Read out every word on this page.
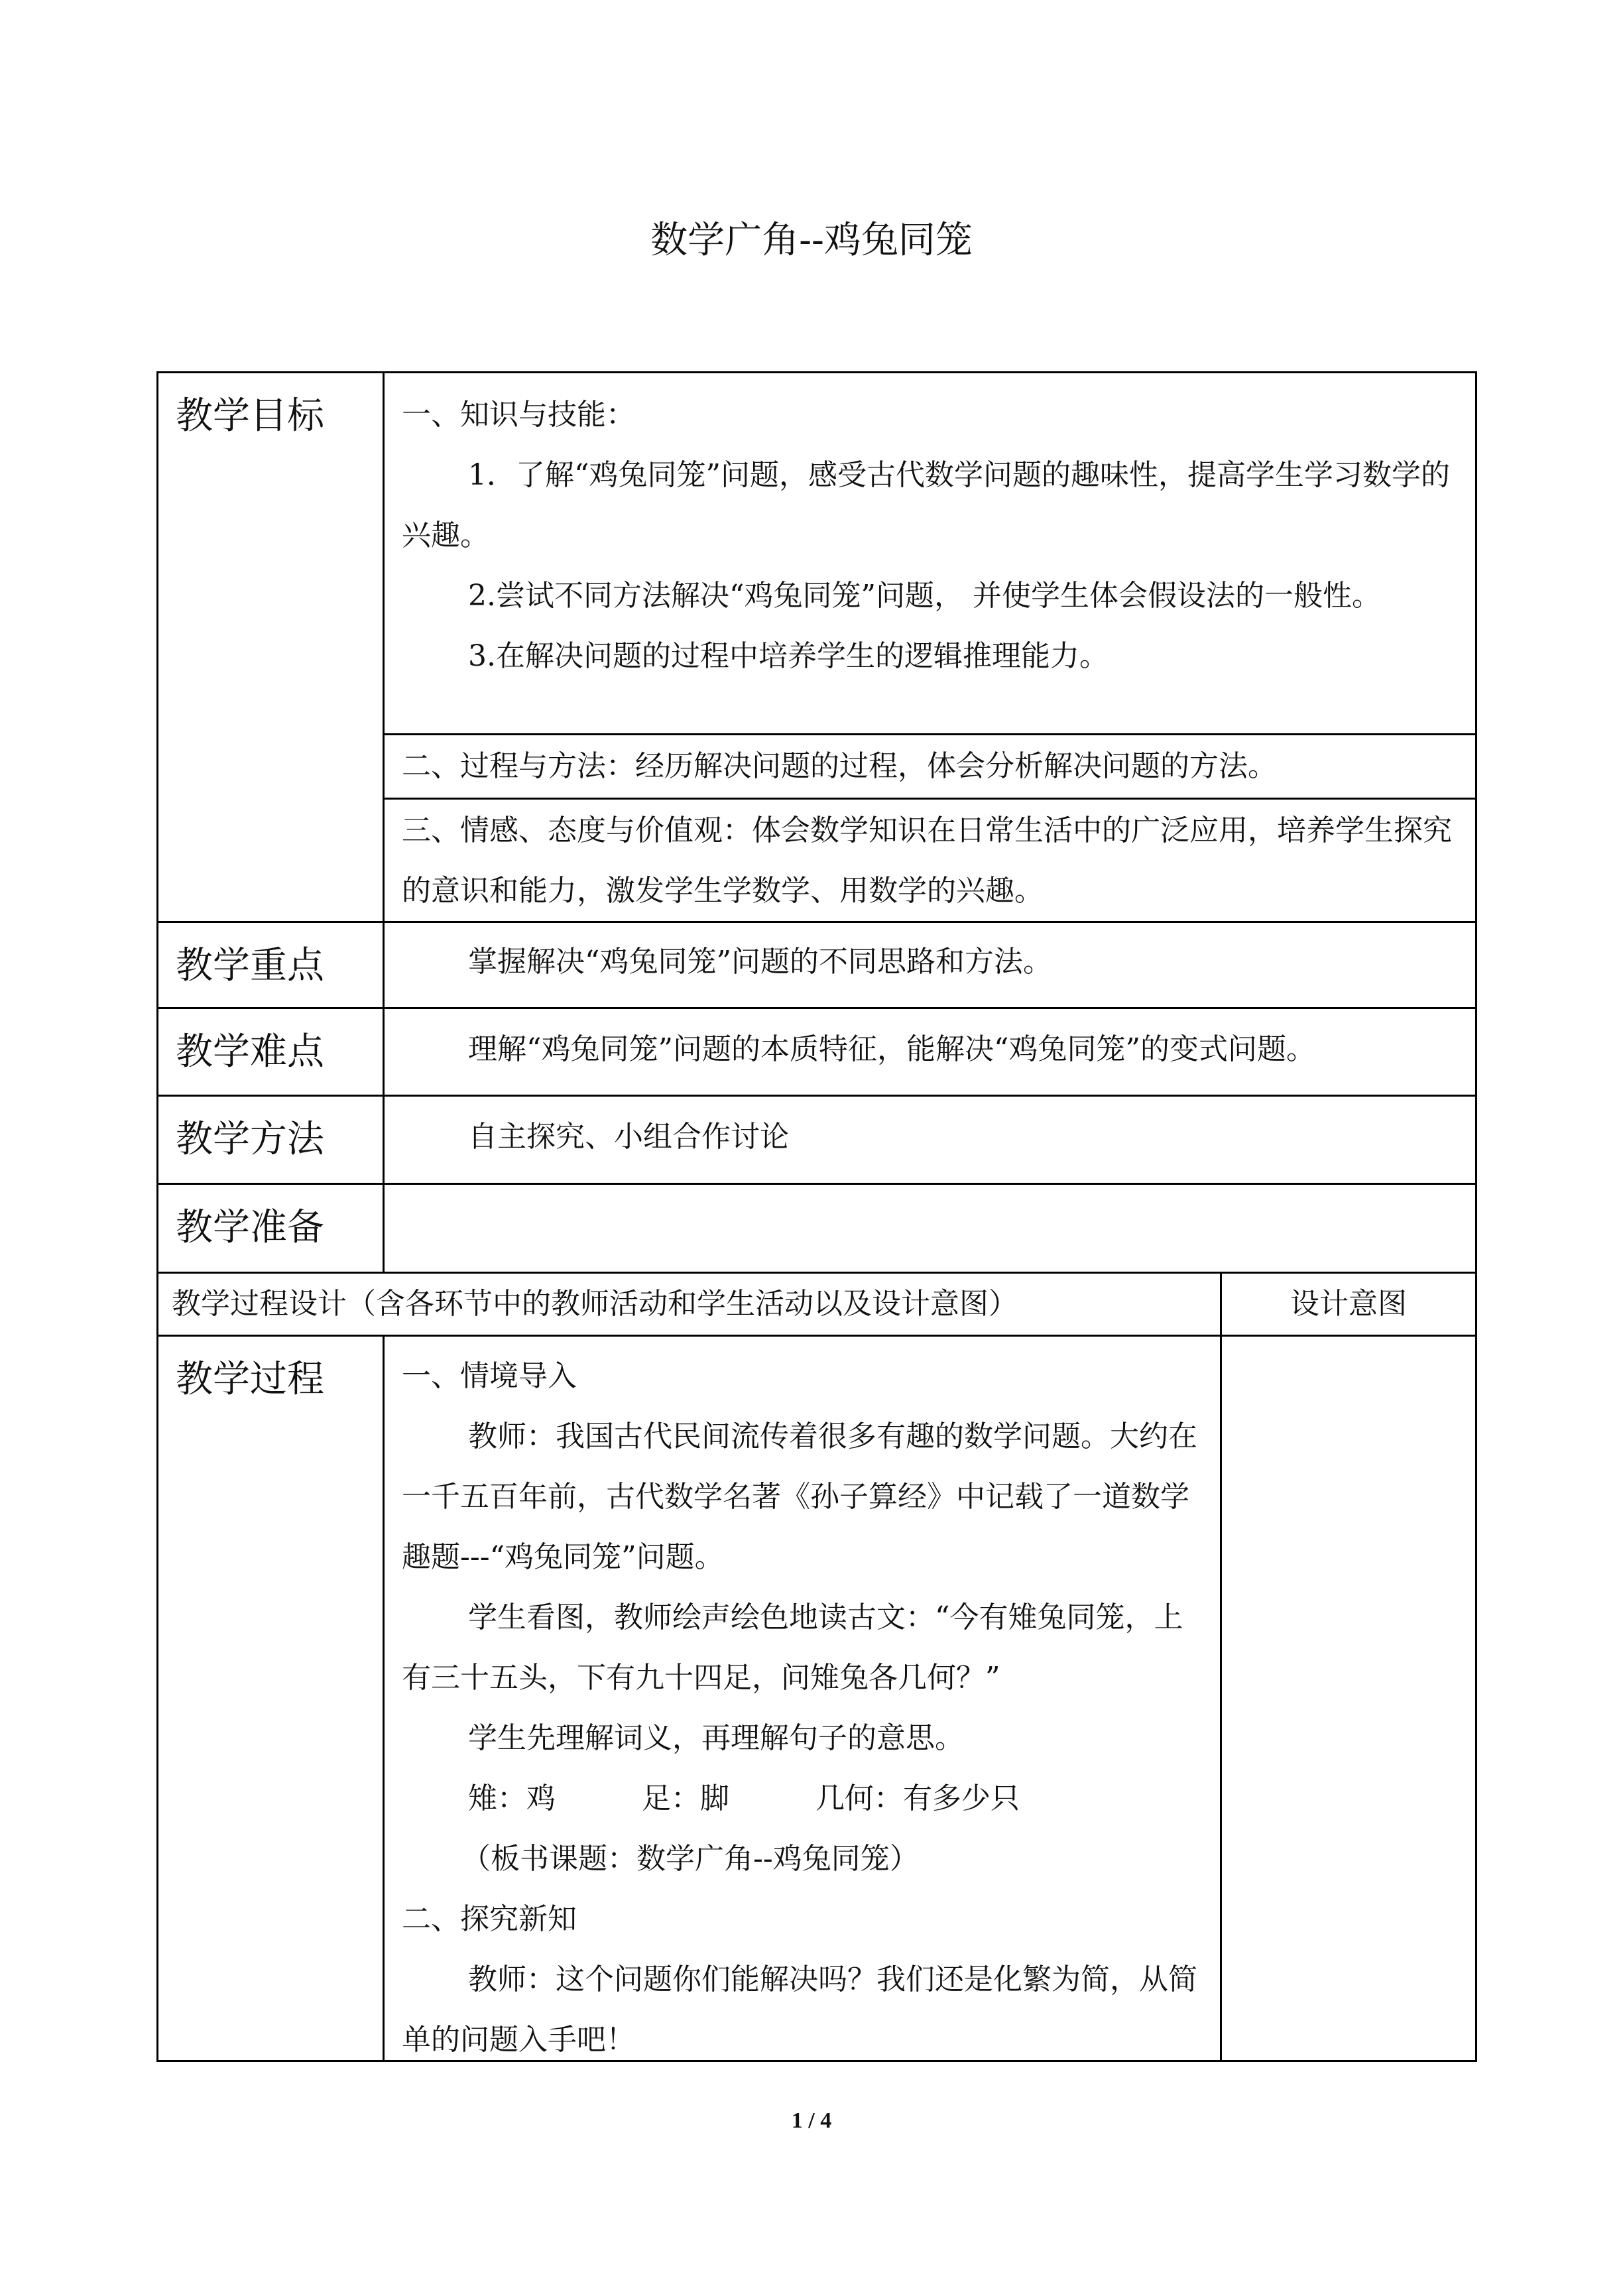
数学广角--鸡兔同笼
教学目标	一、知识与技能：

1．了解“鸡兔同笼”问题，感受古代数学问题的趣味性，提高学生学习数学的兴趣。

2.尝试不同方法解决“鸡兔同笼”问题， 并使学生体会假设法的一般性。

3.在解决问题的过程中培养学生的逻辑推理能力。

二、过程与方法：经历解决问题的过程，体会分析解决问题的方法。

三、情感、态度与价值观：体会数学知识在日常生活中的广泛应用，培养学生探究的意识和能力，激发学生学数学、用数学的兴趣。

教学重点	掌握解决“鸡兔同笼”问题的不同思路和方法。
教学难点	理解“鸡兔同笼”问题的本质特征，能解决“鸡兔同笼”的变式问题。
教学方法	自主探究、小组合作讨论
教学准备
教学过程设计（含各环节中的教师活动和学生活动以及设计意图）	设计意图
教学过程	一、情境导入

教师：我国古代民间流传着很多有趣的数学问题。大约在一千五百年前，古代数学名著《孙子算经》中记载了一道数学趣题---“鸡兔同笼”问题。

学生看图，教师绘声绘色地读古文：“今有雉兔同笼，上有三十五头，下有九十四足，问雉兔各几何？”

学生先理解词义，再理解句子的意思。

雉：鸡	足：脚	几何：有多少只

（板书课题：数学广角--鸡兔同笼）

二、探究新知

教师：这个问题你们能解决吗？我们还是化繁为简，从简单的问题入手吧！

1 / 4
